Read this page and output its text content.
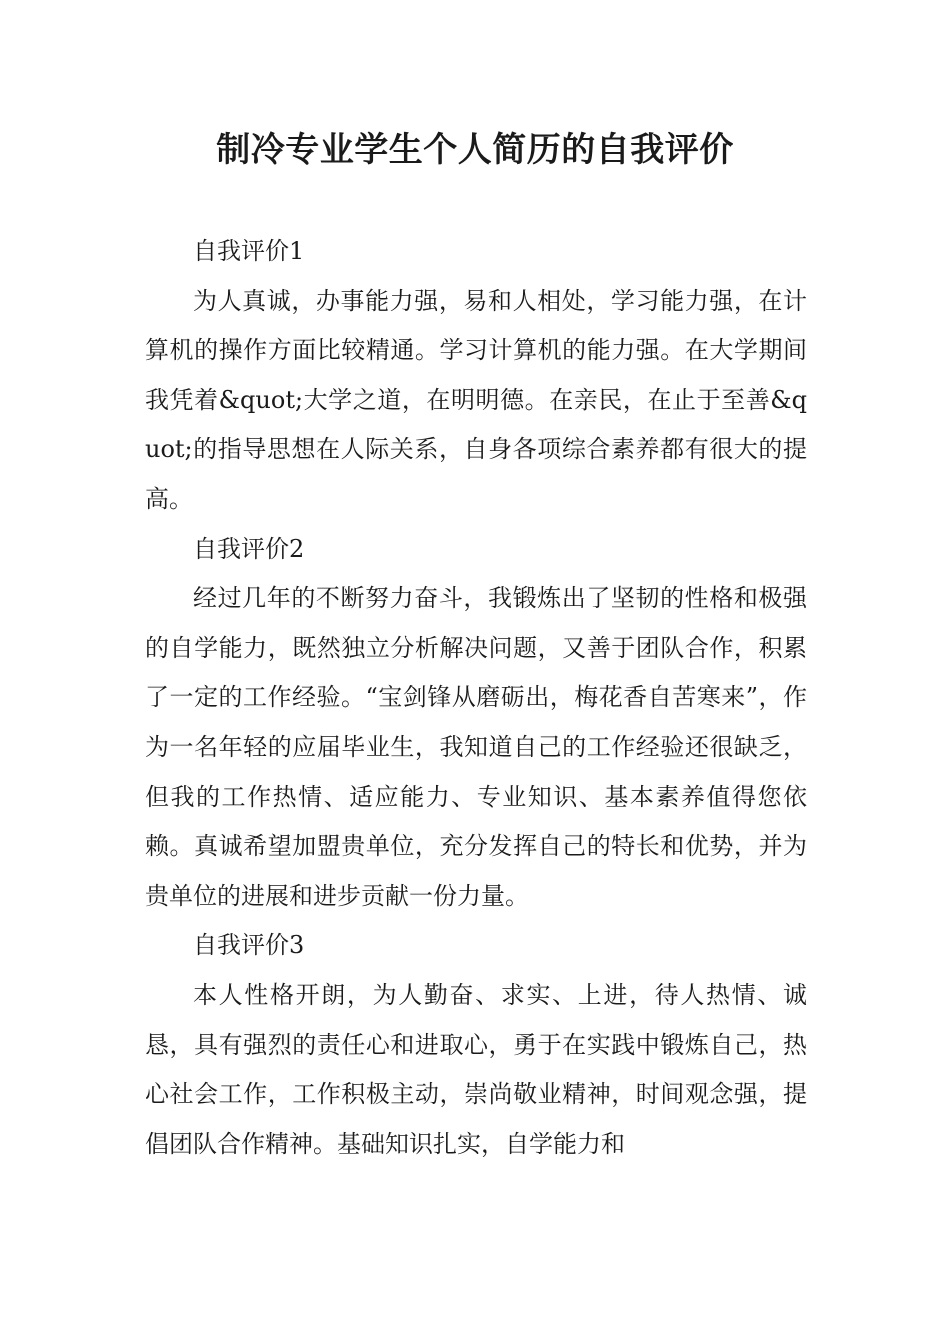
制冷专业学生个人简历的自我评价

自我评价1

为人真诚，办事能力强，易和人相处，学习能力强，在计算机的操作方面比较精通。学习计算机的能力强。在大学期间我凭着&quot;大学之道，在明明德。在亲民，在止于至善&quot;的指导思想在人际关系，自身各项综合素养都有很大的提高。

自我评价2

经过几年的不断努力奋斗，我锻炼出了坚韧的性格和极强的自学能力，既然独立分析解决问题，又善于团队合作，积累了一定的工作经验。“宝剑锋从磨砺出，梅花香自苦寒来”，作为一名年轻的应届毕业生，我知道自己的工作经验还很缺乏，但我的工作热情、适应能力、专业知识、基本素养值得您依赖。真诚希望加盟贵单位，充分发挥自己的特长和优势，并为贵单位的进展和进步贡献一份力量。

自我评价3

本人性格开朗，为人勤奋、求实、上进，待人热情、诚恳，具有强烈的责任心和进取心，勇于在实践中锻炼自己，热心社会工作，工作积极主动，崇尚敬业精神，时间观念强，提倡团队合作精神。基础知识扎实，自学能力和
